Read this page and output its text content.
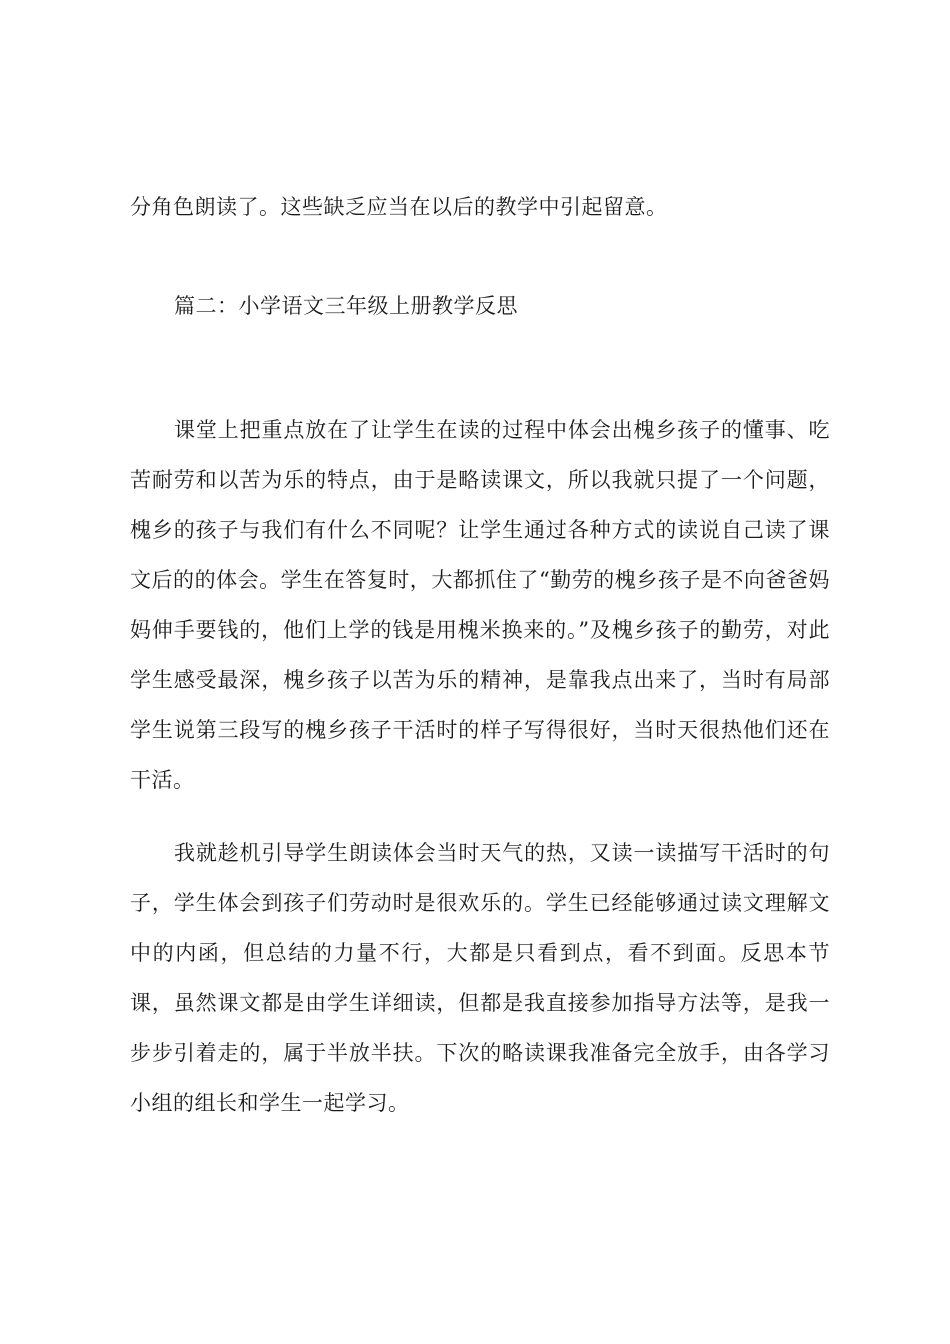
分角色朗读了。这些缺乏应当在以后的教学中引起留意。

篇二：小学语文三年级上册教学反思

课堂上把重点放在了让学生在读的过程中体会出槐乡孩子的懂事、吃苦耐劳和以苦为乐的特点，由于是略读课文，所以我就只提了一个问题，槐乡的孩子与我们有什么不同呢？让学生通过各种方式的读说自己读了课文后的的体会。学生在答复时，大都抓住了“勤劳的槐乡孩子是不向爸爸妈妈伸手要钱的，他们上学的钱是用槐米换来的。”及槐乡孩子的勤劳，对此学生感受最深，槐乡孩子以苦为乐的精神，是靠我点出来了，当时有局部学生说第三段写的槐乡孩子干活时的样子写得很好，当时天很热他们还在干活。

我就趁机引导学生朗读体会当时天气的热，又读一读描写干活时的句子，学生体会到孩子们劳动时是很欢乐的。学生已经能够通过读文理解文中的内函，但总结的力量不行，大都是只看到点，看不到面。反思本节课，虽然课文都是由学生详细读，但都是我直接参加指导方法等，是我一步步引着走的，属于半放半扶。下次的略读课我准备完全放手，由各学习小组的组长和学生一起学习。
